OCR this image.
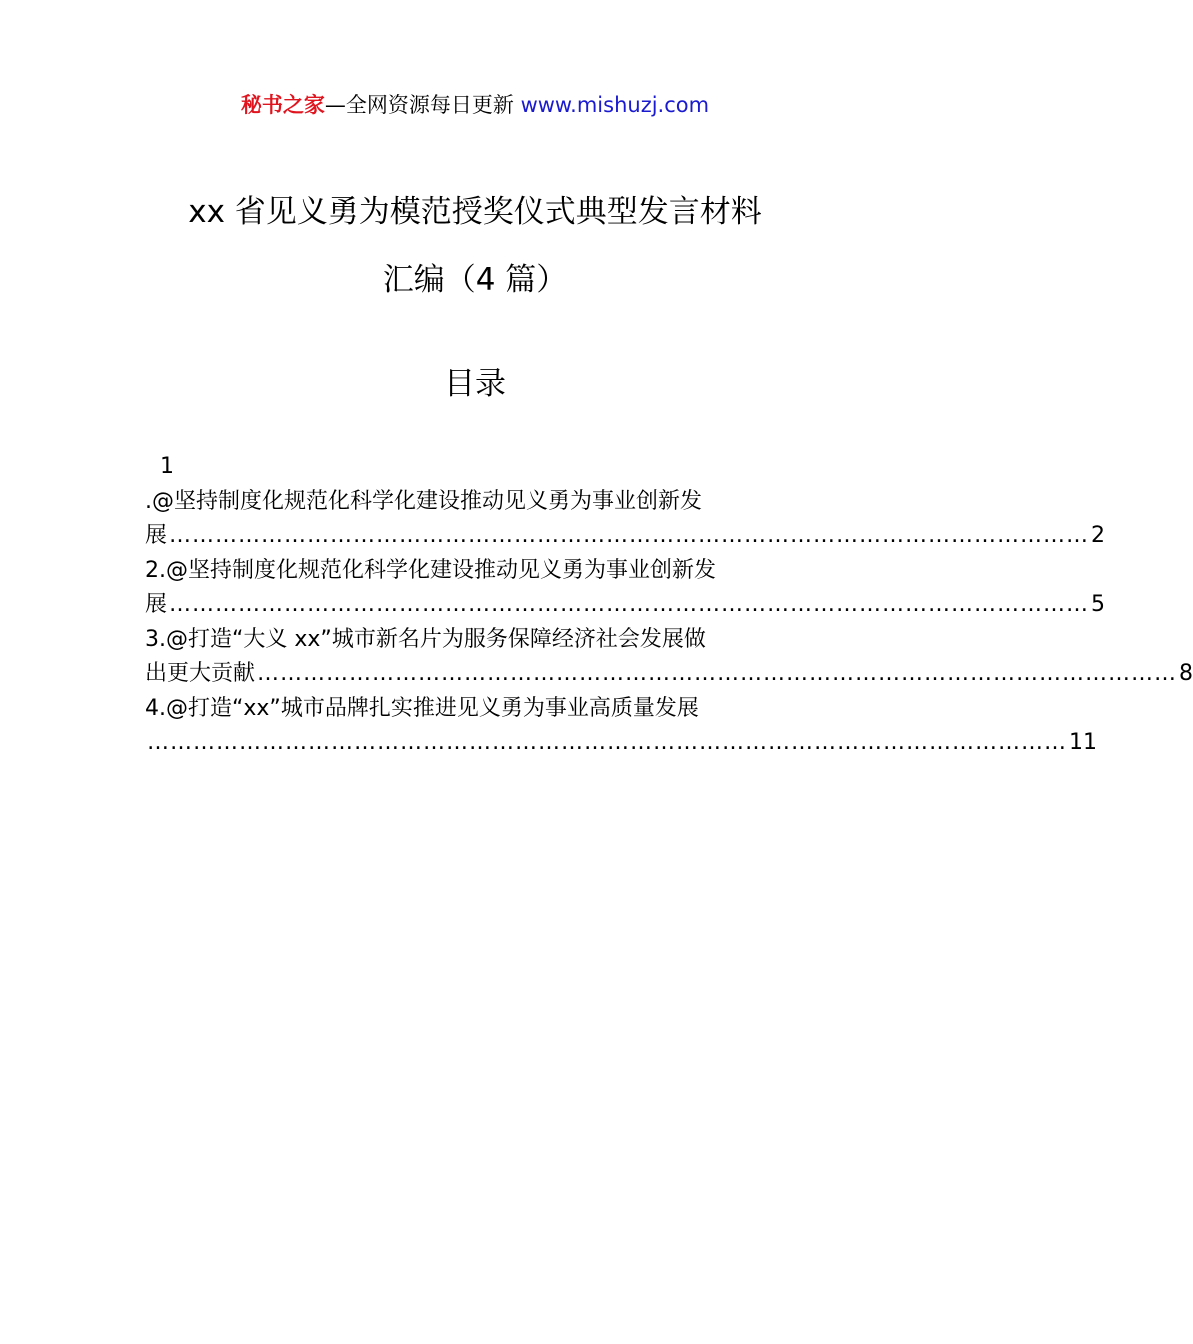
秘书之家—全网资源每日更新 www.mishuzj.com
xx 省见义勇为模范授奖仪式典型发言材料
汇编（4 篇）
目录
1
.@坚持制度化规范化科学化建设推动见义勇为事业创新发
展 ………………………………………………………………………………………………………… 2
2.@坚持制度化规范化科学化建设推动见义勇为事业创新发
展 ………………………………………………………………………………………………………… 5
3.@打造“大义 xx”城市新名片为服务保障经济社会发展做
出更大贡献 ………………………………………………………………………………………………………… 8
4.@打造“xx”城市品牌扎实推进见义勇为事业高质量发展
………………………………………………………………………………………………………… 11
